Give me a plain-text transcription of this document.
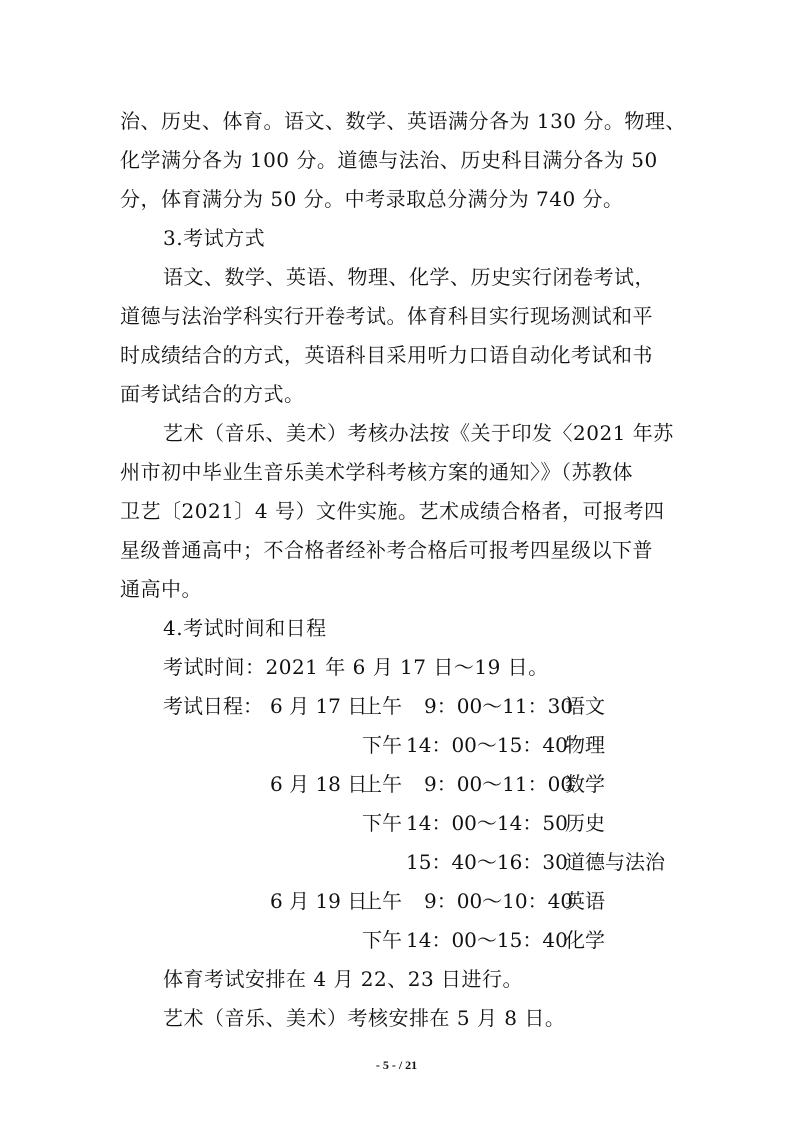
治、历史、体育。语文、数学、英语满分各为 130 分。物理、
化学满分各为 100 分。道德与法治、历史科目满分各为 50
分，体育满分为 50 分。中考录取总分满分为 740 分。
3.考试方式
语文、数学、英语、物理、化学、历史实行闭卷考试，
道德与法治学科实行开卷考试。体育科目实行现场测试和平
时成绩结合的方式，英语科目采用听力口语自动化考试和书
面考试结合的方式。
艺术（音乐、美术）考核办法按《关于印发〈2021 年苏
州市初中毕业生音乐美术学科考核方案的通知〉》（苏教体
卫艺〔2021〕4 号）文件实施。艺术成绩合格者，可报考四
星级普通高中；不合格者经补考合格后可报考四星级以下普
通高中。
4.考试时间和日程
考试时间：2021 年 6 月 17 日～19 日。
考试日程： 6 月 17 日
上午 9：00～11：30
语文
下午 14：00～15：40
物理
6 月 18 日
上午 9：00～11：00
数学
下午 14：00～14：50
历史
15：40～16：30
道德与法治
6 月 19 日
上午 9：00～10：40
英语
下午 14：00～15：40
化学
体育考试安排在 4 月 22、23 日进行。
艺术（音乐、美术）考核安排在 5 月 8 日。
- 5 - / 21
